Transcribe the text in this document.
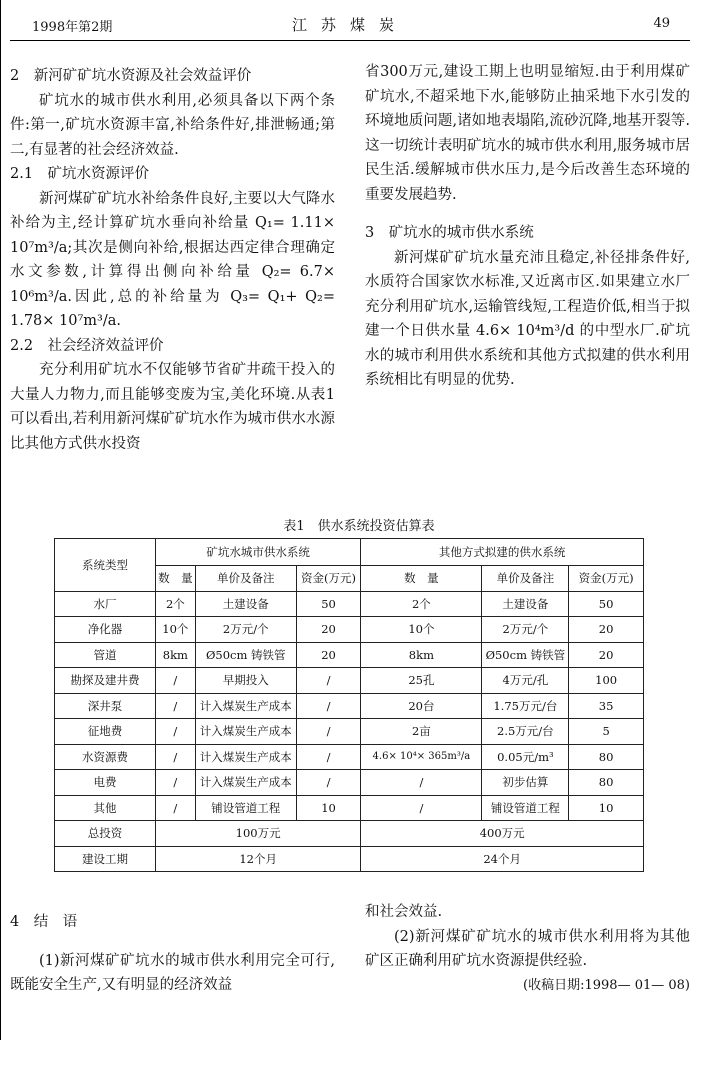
1998年第2期	江苏煤炭	49

2　新河矿矿坑水资源及社会效益评价

矿坑水的城市供水利用,必须具备以下两个条件:第一,矿坑水资源丰富,补给条件好,排泄畅通;第二,有显著的社会经济效益.

2.1　矿坑水资源评价

新河煤矿矿坑水补给条件良好,主要以大气降水补给为主,经计算矿坑水垂向补给量 Q₁= 1.11× 10⁷m³/a;其次是侧向补给,根据达西定律合理确定水文参数,计算得出侧向补给量 Q₂= 6.7× 10⁶m³/a.因此,总的补给量为 Q₃= Q₁+ Q₂= 1.78× 10⁷m³/a.

2.2　社会经济效益评价

充分利用矿坑水不仅能够节省矿井疏干投入的大量人力物力,而且能够变废为宝,美化环境.从表1可以看出,若利用新河煤矿矿坑水作为城市供水水源比其他方式供水投资

省300万元,建设工期上也明显缩短.由于利用煤矿矿坑水,不超采地下水,能够防止抽采地下水引发的环境地质问题,诸如地表塌陷,流砂沉降,地基开裂等.这一切统计表明矿坑水的城市供水利用,服务城市居民生活.缓解城市供水压力,是今后改善生态环境的重要发展趋势.

3　矿坑水的城市供水系统

新河煤矿矿坑水量充沛且稳定,补径排条件好,水质符合国家饮水标准,又近离市区.如果建立水厂充分利用矿坑水,运输管线短,工程造价低,相当于拟建一个日供水量 4.6× 10⁴m³/d 的中型水厂.矿坑水的城市利用供水系统和其他方式拟建的供水利用系统相比有明显的优势.

表1　供水系统投资估算表
系统类型	矿坑水城市供水系统			其他方式拟建的供水系统		
	数　量	单价及备注	资金(万元)	数　量	单价及备注	资金(万元)
水厂	2个	土建设备	50	2个	土建设备	50
净化器	10个	2万元/个	20	10个	2万元/个	20
管道	8km	Ø50cm 铸铁管	20	8km	Ø50cm 铸铁管	20
勘探及建井费	/	早期投入	/	25孔	4万元/孔	100
深井泵	/	计入煤炭生产成本	/	20台	1.75万元/台	35
征地费	/	计入煤炭生产成本	/	2亩	2.5万元/台	5
水资源费	/	计入煤炭生产成本	/	4.6× 10⁴× 365m³/a	0.05元/m³	80
电费	/	计入煤炭生产成本	/	/	初步估算	80
其他	/	铺设管道工程	10	/	铺设管道工程	10
总投资	100万元			400万元		
建设工期	12个月			24个月		

4　结　语

(1)新河煤矿矿坑水的城市供水利用完全可行,既能安全生产,又有明显的经济效益

和社会效益.

(2)新河煤矿矿坑水的城市供水利用将为其他矿区正确利用矿坑水资源提供经验.

(收稿日期:1998— 01— 08)
